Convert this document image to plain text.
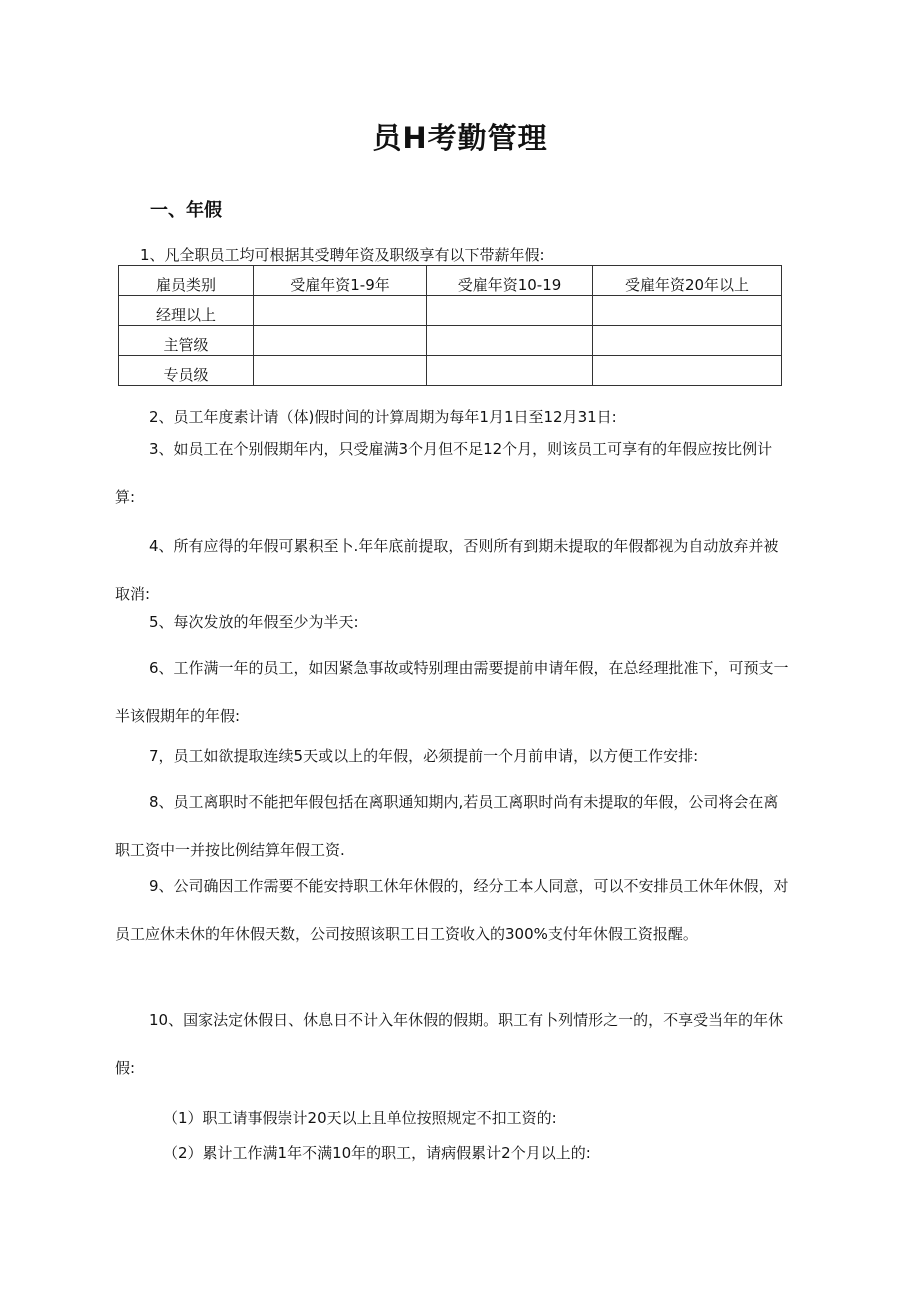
员H考勤管理
一、年假
1、凡全职员工均可根据其受聘年资及职级享有以下带薪年假:
雇员类别	受雇年资1-9年	受雇年资10-19	受雇年资20年以上
经理以上			
主管级			
专员级			

2、员工年度素计请（体)假时间的计算周期为每年1月1日至12月31日:

3、如员工在个别假期年内，只受雇满3个月但不足12个月，则该员工可享有的年假应按比例计算:

4、所有应得的年假可累积至卜.年年底前提取，否则所有到期未提取的年假都视为自动放弃并被取消:

5、每次发放的年假至少为半天:

6、工作满一年的员工，如因紧急事故或特别理由需要提前申请年假，在总经理批准下，可预支一半该假期年的年假:

7，员工如欲提取连续5天或以上的年假，必须提前一个月前申请，以方便工作安排:

8、员工离职时不能把年假包括在离职通知期内,若员工离职时尚有未提取的年假，公司将会在离职工资中一并按比例结算年假工资.

9、公司确因工作需要不能安持职工休年休假的，经分工本人同意，可以不安排员工休年休假，对员工应休未休的年休假天数，公司按照该职工日工资收入的300%支付年休假工资报醒。

10、国家法定休假日、休息日不计入年休假的假期。职工有卜列情形之一的，不享受当年的年休假:

（1）职工请事假崇计20天以上且单位按照规定不扣工资的:

（2）累计工作满1年不满10年的职工，请病假累计2个月以上的:
